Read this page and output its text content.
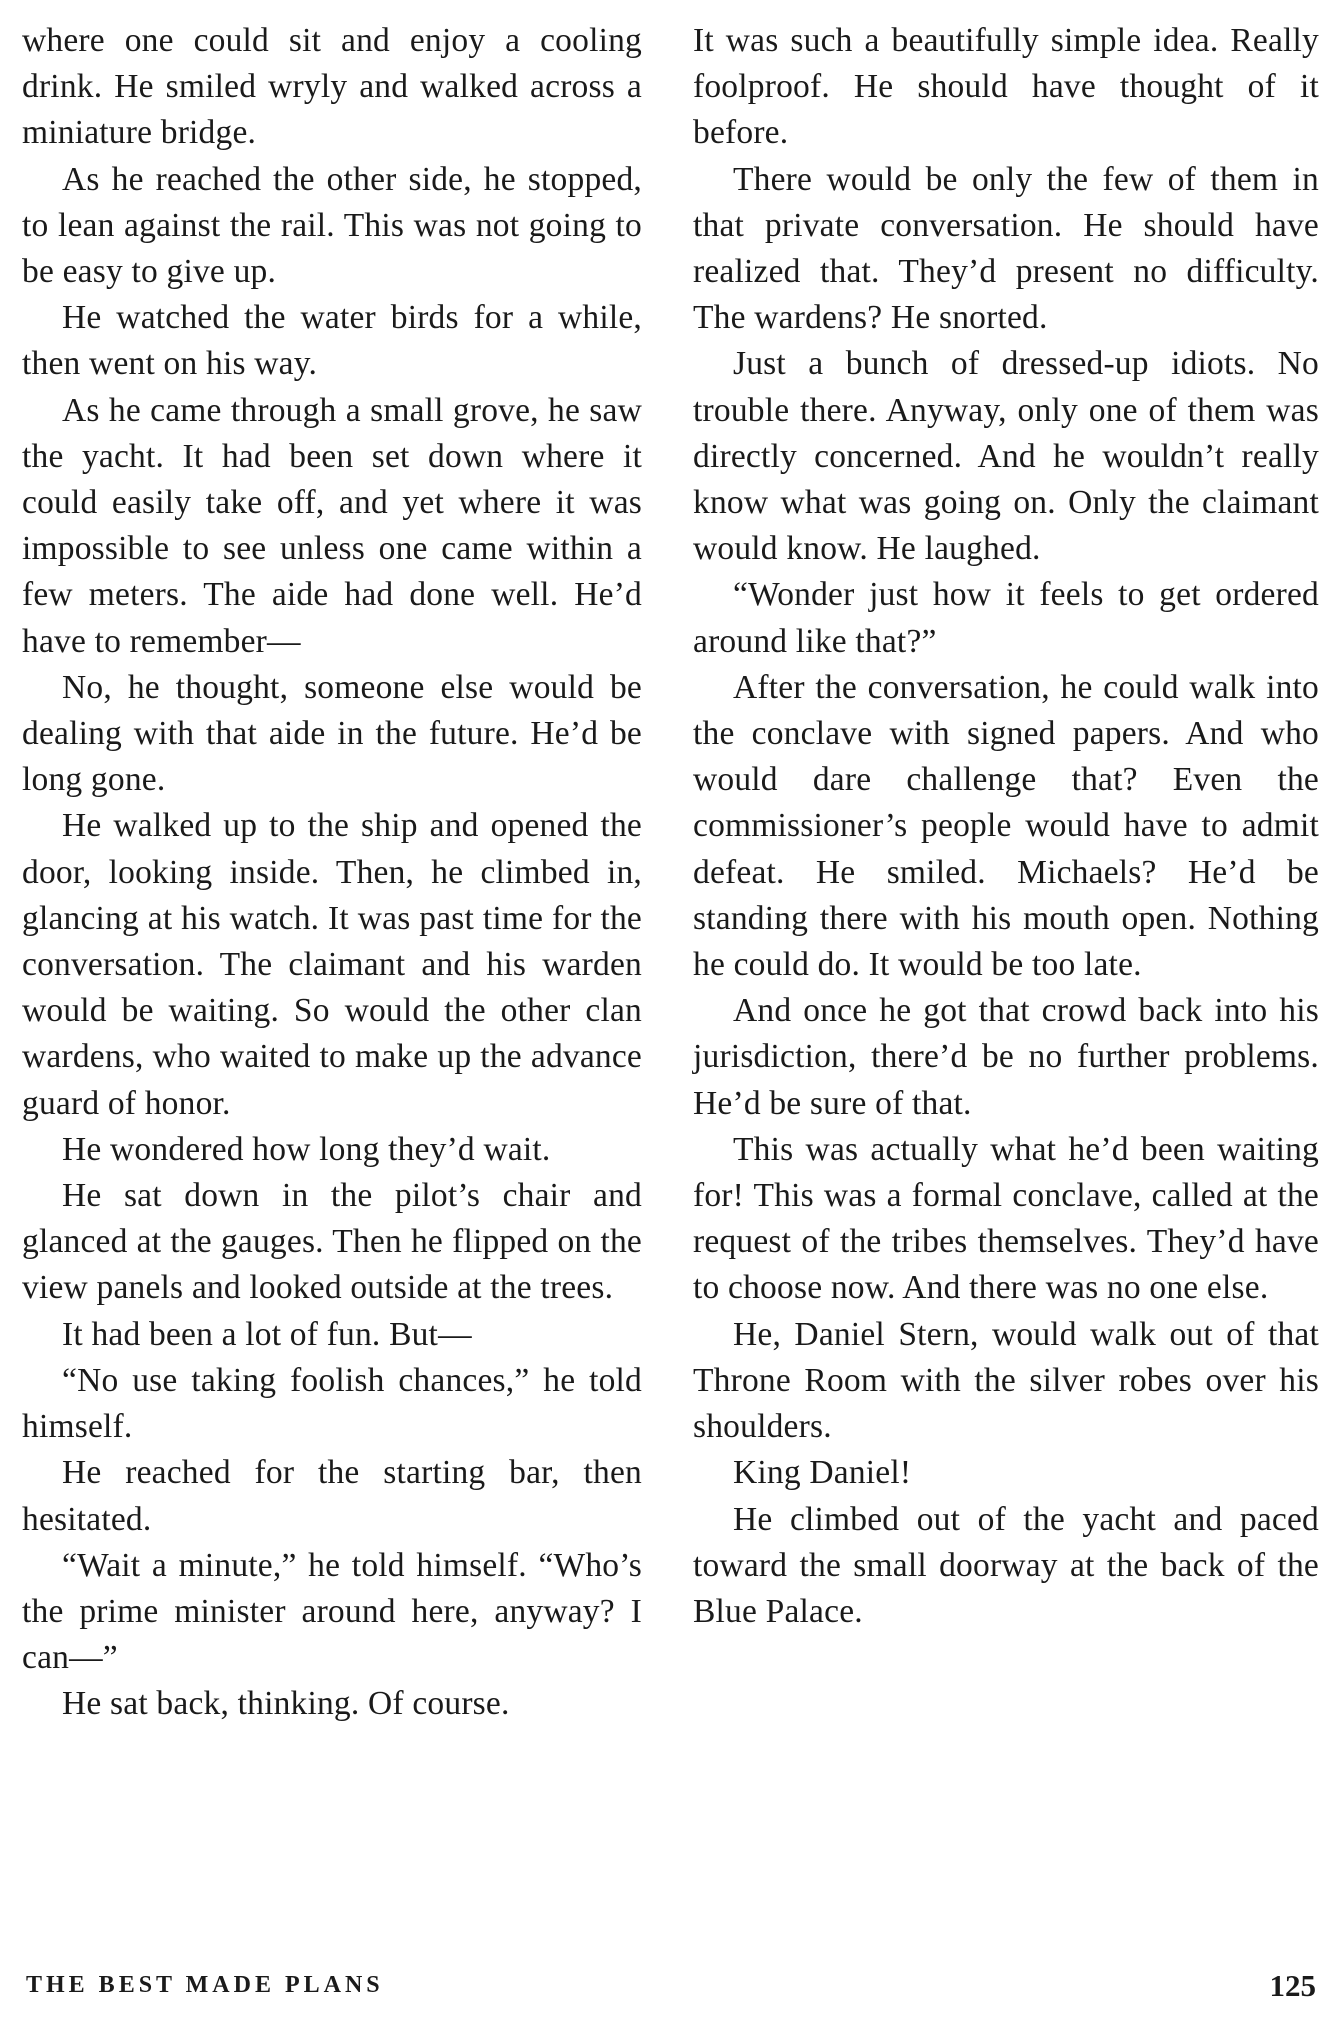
where one could sit and enjoy a cooling drink. He smiled wryly and walked across a miniature bridge.

As he reached the other side, he stopped, to lean against the rail. This was not going to be easy to give up.

He watched the water birds for a while, then went on his way.

As he came through a small grove, he saw the yacht. It had been set down where it could easily take off, and yet where it was impossible to see unless one came within a few meters. The aide had done well. He’d have to remember—

No, he thought, someone else would be dealing with that aide in the future. He’d be long gone.

He walked up to the ship and opened the door, looking inside. Then, he climbed in, glancing at his watch. It was past time for the conversation. The claimant and his warden would be waiting. So would the other clan wardens, who waited to make up the advance guard of honor.

He wondered how long they’d wait.

He sat down in the pilot’s chair and glanced at the gauges. Then he flipped on the view panels and looked outside at the trees.

It had been a lot of fun. But—

“No use taking foolish chances,” he told himself.

He reached for the starting bar, then hesitated.

“Wait a minute,” he told himself. “Who’s the prime minister around here, anyway? I can—”

He sat back, thinking. Of course.

It was such a beautifully simple idea. Really foolproof. He should have thought of it before.

There would be only the few of them in that private conversation. He should have realized that. They’d present no difficulty. The wardens? He snorted.

Just a bunch of dressed-up idiots. No trouble there. Anyway, only one of them was directly concerned. And he wouldn’t really know what was going on. Only the claimant would know. He laughed.

“Wonder just how it feels to get ordered around like that?”

After the conversation, he could walk into the conclave with signed papers. And who would dare challenge that? Even the commissioner’s people would have to admit defeat. He smiled. Michaels? He’d be standing there with his mouth open. Nothing he could do. It would be too late.

And once he got that crowd back into his jurisdiction, there’d be no further problems. He’d be sure of that.

This was actually what he’d been waiting for! This was a formal conclave, called at the request of the tribes themselves. They’d have to choose now. And there was no one else.

He, Daniel Stern, would walk out of that Throne Room with the silver robes over his shoulders.

King Daniel!

He climbed out of the yacht and paced toward the small doorway at the back of the Blue Palace.

THE BEST MADE PLANS	125
